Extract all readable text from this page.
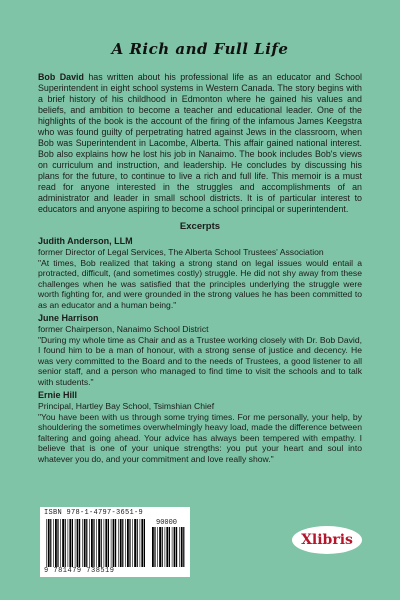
A Rich and Full Life

Bob David has written about his professional life as an educator and School Superintendent in eight school systems in Western Canada. The story begins with a brief history of his childhood in Edmonton where he gained his values and beliefs, and ambition to become a teacher and educational leader. One of the highlights of the book is the account of the firing of the infamous James Keegstra who was found guilty of perpetrating hatred against Jews in the classroom, when Bob was Superintendent in Lacombe, Alberta. This affair gained national interest. Bob also explains how he lost his job in Nanaimo. The book includes Bob's views on curriculum and instruction, and leadership. He concludes by discussing his plans for the future, to continue to live a rich and full life. This memoir is a must read for anyone interested in the struggles and accomplishments of an administrator and leader in small school districts. It is of particular interest to educators and anyone aspiring to become a school principal or superintendent.

Excerpts
Judith Anderson, LLM
former Director of Legal Services, The Alberta School Trustees' Association
"At times, Bob realized that taking a strong stand on legal issues would entail a protracted, difficult, (and sometimes costly) struggle. He did not shy away from these challenges when he was satisfied that the principles underlying the struggle were worth fighting for, and were grounded in the strong values he has been committed to as an educator and a human being."
June Harrison
former Chairperson, Nanaimo School District
"During my whole time as Chair and as a Trustee working closely with Dr. Bob David, I found him to be a man of honour, with a strong sense of justice and decency. He was very committed to the Board and to the needs of Trustees, a good listener to all senior staff, and a person who managed to find time to visit the schools and to talk with students."
Ernie Hill
Principal, Hartley Bay School, Tsimshian Chief
"You have been with us through some trying times. For me personally, your help, by shouldering the sometimes overwhelmingly heavy load, made the difference between faltering and going ahead. Your advice has always been tempered with empathy. I believe that is one of your unique strengths: you put your heart and soul into whatever you do, and your commitment and love really show."
ISBN 978-1-4797-3651-9
90000
9 781479 738519
Xlibris
